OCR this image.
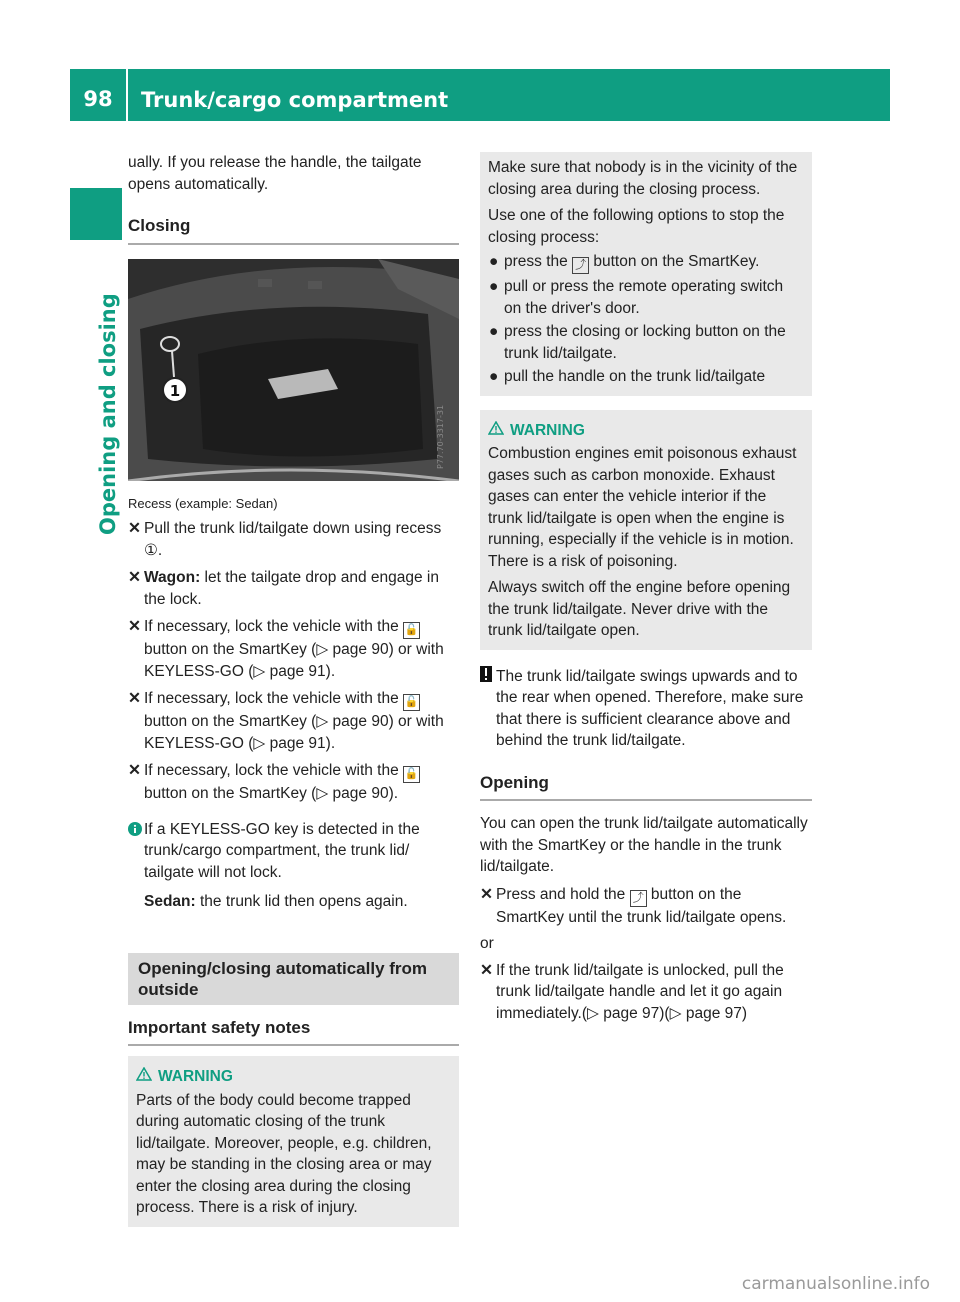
98	Trunk/cargo compartment
Opening and closing

ually. If you release the handle, the tailgate opens automatically.

Closing
1
P77.70-3317-31
Recess (example: Sedan)
✕ Pull the trunk lid/tailgate down using recess ①.
✕ Wagon: let the tailgate drop and engage in the lock.
✕ If necessary, lock the vehicle with the 🔓 button on the SmartKey (▷ page 90) or with KEYLESS-GO (▷ page 91).
✕ If necessary, lock the vehicle with the 🔓 button on the SmartKey (▷ page 90) or with KEYLESS-GO (▷ page 91).
✕ If necessary, lock the vehicle with the 🔓 button on the SmartKey (▷ page 90).

If a KEYLESS-GO key is detected in the trunk/cargo compartment, the trunk lid/ tailgate will not lock.

Sedan: the trunk lid then opens again.

Opening/closing automatically from outside
Important safety notes
WARNING

Parts of the body could become trapped during automatic closing of the trunk lid/tailgate. Moreover, people, e.g. children, may be standing in the closing area or may enter the closing area during the closing process. There is a risk of injury.

Make sure that nobody is in the vicinity of the closing area during the closing process.

Use one of the following options to stop the closing process:

● press the ⤴ button on the SmartKey.
● pull or press the remote operating switch on the driver's door.
● press the closing or locking button on the trunk lid/tailgate.
● pull the handle on the trunk lid/tailgate
WARNING

Combustion engines emit poisonous exhaust gases such as carbon monoxide. Exhaust gases can enter the vehicle interior if the trunk lid/tailgate is open when the engine is running, especially if the vehicle is in motion. There is a risk of poisoning.

Always switch off the engine before opening the trunk lid/tailgate. Never drive with the trunk lid/tailgate open.

The trunk lid/tailgate swings upwards and to the rear when opened. Therefore, make sure that there is sufficient clearance above and behind the trunk lid/tailgate.

Opening

You can open the trunk lid/tailgate automatically with the SmartKey or the handle in the trunk lid/tailgate.

✕ Press and hold the ⤴ button on the SmartKey until the trunk lid/tailgate opens.

or

✕ If the trunk lid/tailgate is unlocked, pull the trunk lid/tailgate handle and let it go again immediately.(▷ page 97)(▷ page 97)
carmanualsonline.info
